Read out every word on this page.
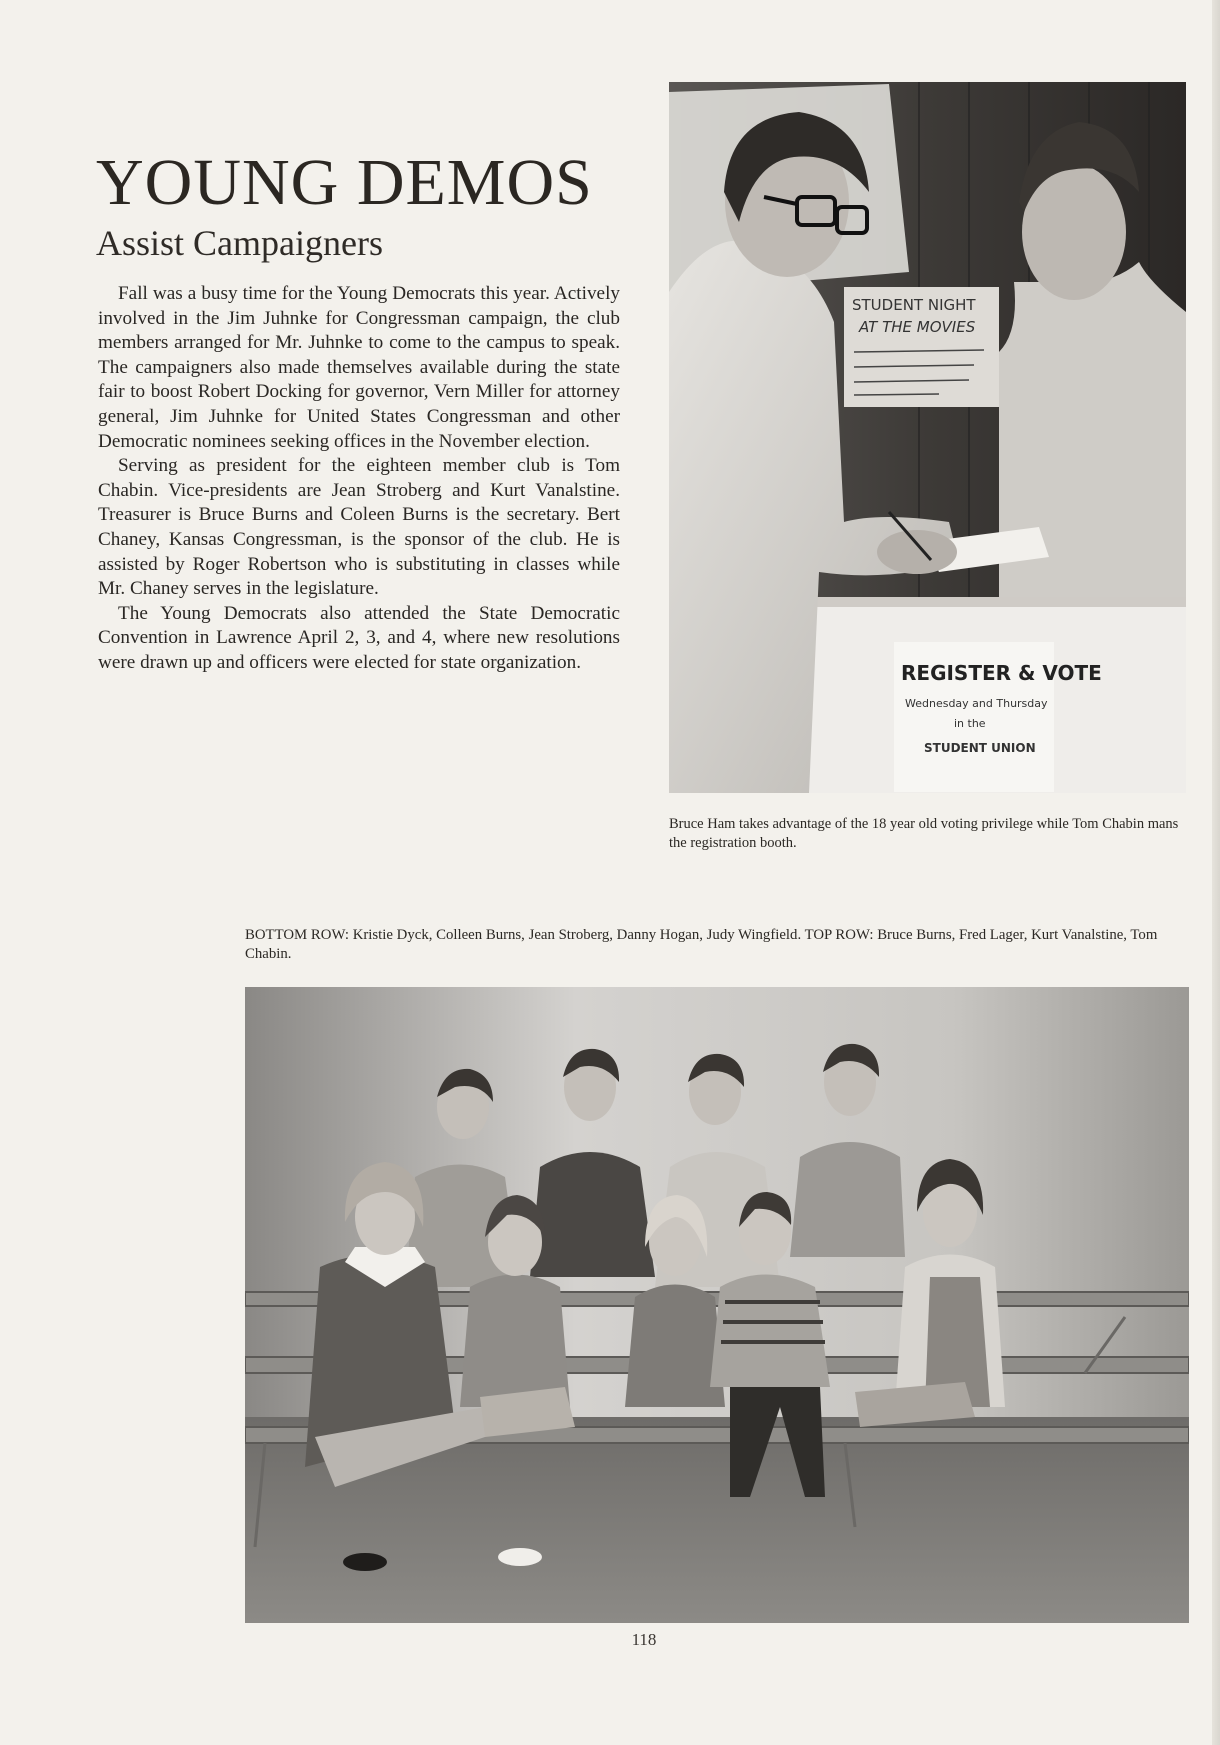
YOUNG DEMOS
Assist Campaigners

Fall was a busy time for the Young Democrats this year. Actively involved in the Jim Juhnke for Congressman campaign, the club members arranged for Mr. Juhnke to come to the campus to speak. The campaigners also made themselves available during the state fair to boost Robert Docking for governor, Vern Miller for attorney general, Jim Juhnke for United States Congressman and other Democratic nominees seeking offices in the November election.

Serving as president for the eighteen member club is Tom Chabin. Vice-presidents are Jean Stroberg and Kurt Vanalstine. Treasurer is Bruce Burns and Coleen Burns is the secretary. Bert Chaney, Kansas Congressman, is the sponsor of the club. He is assisted by Roger Robertson who is substituting in classes while Mr. Chaney serves in the legislature.

The Young Democrats also attended the State Democratic Convention in Lawrence April 2, 3, and 4, where new resolutions were drawn up and officers were elected for state organization.

STUDENT NIGHT
AT THE MOVIES
REGISTER & VOTE
Wednesday and Thursday
in the
STUDENT UNION
Bruce Ham takes advantage of the 18 year old voting privilege while Tom Chabin mans the registration booth.
BOTTOM ROW: Kristie Dyck, Colleen Burns, Jean Stroberg, Danny Hogan, Judy Wingfield. TOP ROW: Bruce Burns, Fred Lager, Kurt Vanalstine, Tom Chabin.
118
